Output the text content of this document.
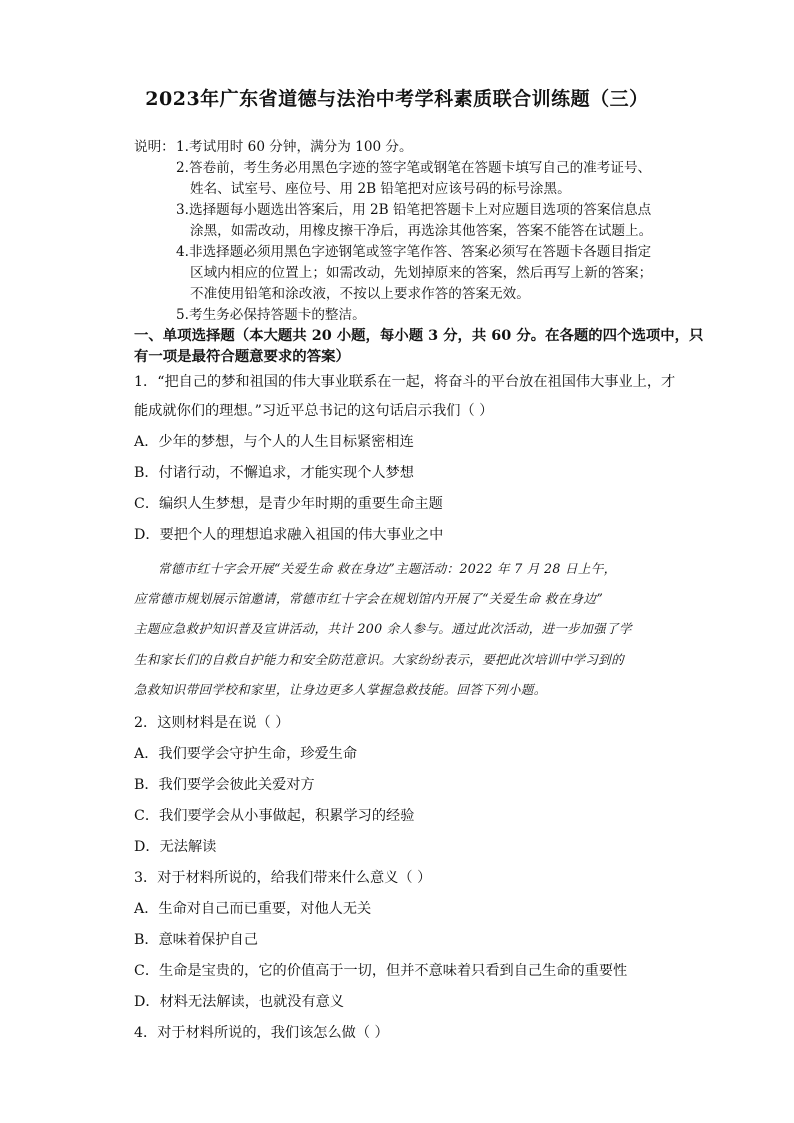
2023年广东省道德与法治中考学科素质联合训练题（三）
说明： 1.考试用时 60 分钟，满分为 100 分。
2.答卷前，考生务必用黑色字迹的签字笔或钢笔在答题卡填写自己的准考证号、
姓名、试室号、座位号、用 2B 铅笔把对应该号码的标号涂黑。
3.选择题每小题选出答案后，用 2B 铅笔把答题卡上对应题目选项的答案信息点
涂黑，如需改动，用橡皮擦干净后，再选涂其他答案，答案不能答在试题上。
4.非选择题必须用黑色字迹钢笔或签字笔作答、答案必须写在答题卡各题目指定
区域内相应的位置上；如需改动，先划掉原来的答案，然后再写上新的答案；
不准使用铅笔和涂改液，不按以上要求作答的答案无效。
5.考生务必保持答题卡的整洁。
一、单项选择题（本大题共 20 小题，每小题 3 分，共 60 分。在各题的四个选项中，只
有一项是最符合题意要求的答案）
1．“把自己的梦和祖国的伟大事业联系在一起，将奋斗的平台放在祖国伟大事业上，才
能成就你们的理想。”习近平总书记的这句话启示我们（ ）
A．少年的梦想，与个人的人生目标紧密相连
B．付诸行动，不懈追求，才能实现个人梦想
C．编织人生梦想，是青少年时期的重要生命主题
D．要把个人的理想追求融入祖国的伟大事业之中
常德市红十字会开展“关爱生命 救在身边”主题活动：2022 年 7 月 28 日上午，
应常德市规划展示馆邀请，常德市红十字会在规划馆内开展了“关爱生命 救在身边”
主题应急救护知识普及宣讲活动，共计 200 余人参与。通过此次活动，进一步加强了学
生和家长们的自救自护能力和安全防范意识。大家纷纷表示，要把此次培训中学习到的
急救知识带回学校和家里，让身边更多人掌握急救技能。回答下列小题。
2．这则材料是在说（ ）
A．我们要学会守护生命，珍爱生命
B．我们要学会彼此关爱对方
C．我们要学会从小事做起，积累学习的经验
D．无法解读
3．对于材料所说的，给我们带来什么意义（ ）
A．生命对自己而已重要，对他人无关
B．意味着保护自己
C．生命是宝贵的，它的价值高于一切，但并不意味着只看到自己生命的重要性
D．材料无法解读，也就没有意义
4．对于材料所说的，我们该怎么做（ ）
